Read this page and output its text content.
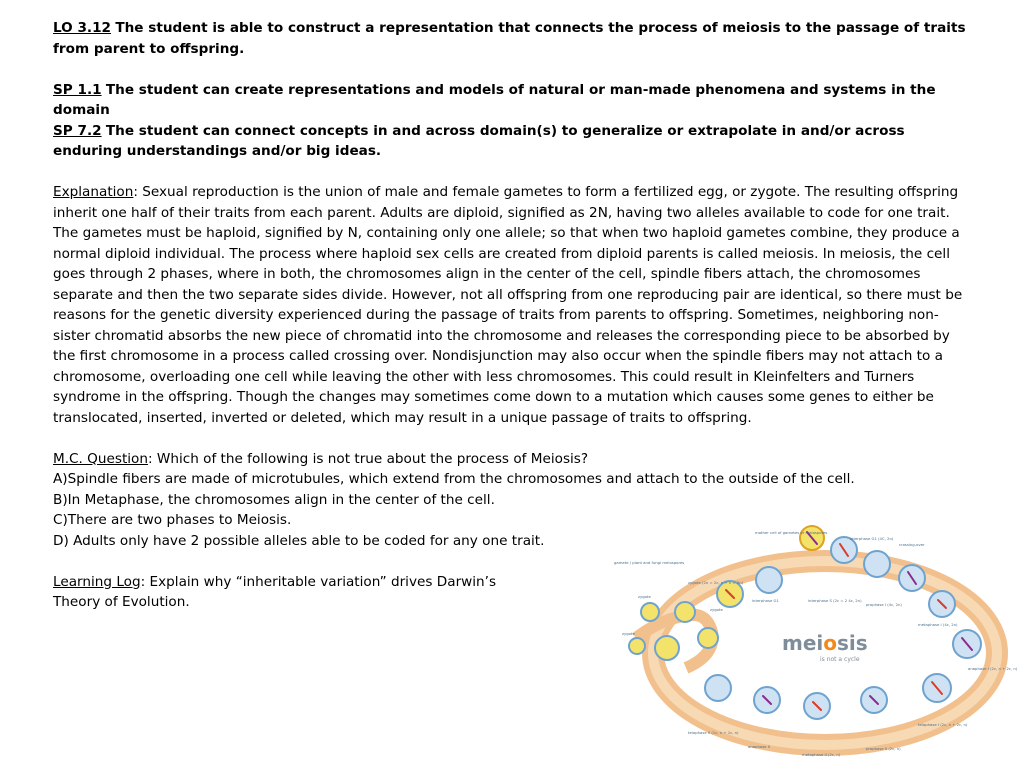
LO 3.12 The student is able to construct a representation that connects the process of meiosis to the passage of traits from parent to offspring.

SP 1.1 The student can create representations and models of natural or man-made phenomena and systems in the domain

SP 7.2 The student can connect concepts in and across domain(s) to generalize or extrapolate in and/or across enduring understandings and/or big ideas.

Explanation: Sexual reproduction is the union of male and female gametes to form a fertilized egg, or zygote. The resulting offspring inherit one half of their traits from each parent. Adults are diploid, signified as 2N, having two alleles available to code for one trait. The gametes must be haploid, signified by N, containing only one allele; so that when two haploid gametes combine, they produce a normal diploid individual. The process where haploid sex cells are created from diploid parents is called meiosis. In meiosis, the cell goes through 2 phases, where in both, the chromosomes align in the center of the cell, spindle fibers attach, the chromosomes separate and then the two separate sides divide. However, not all offspring from one reproducing pair are identical, so there must be reasons for the genetic diversity experienced during the passage of traits from parents to offspring. Sometimes, neighboring non-sister chromatid absorbs the new piece of chromatid into the chromosome and releases the corresponding piece to be absorbed by the first chromosome in a process called crossing over. Nondisjunction may also occur when the spindle fibers may not attach to a chromosome, overloading one cell while leaving the other with less chromosomes. This could result in Kleinfelters and Turners syndrome in the offspring. Though the changes may sometimes come down to a mutation which causes some genes to either be translocated, inserted, inverted or deleted, which may result in a unique passage of traits to offspring.

M.C. Question: Which of the following is not true about the process of Meiosis?

A)Spindle fibers are made of microtubules, which extend from the chromosomes and attach to the outside of the cell.

B)In Metaphase, the chromosomes align in the center of the cell.

C)There are two phases to Meiosis.

D) Adults only have 2 possible alleles able to be coded for any one trait.

Learning Log: Explain why “inheritable variation” drives Darwin’s

Theory of Evolution.

meiosis
is not a cycle
mother cell of gametes or meiospores
interphase G1 (4C, 2n)
crossing-over
gamete / plant and fungi meiospores
zygote (2n = 2c, n + n = 2n)
zygote
zygote
zygote
interphase G1	interphase S (2c = 2 4c, 2n)
prophase I (4c, 2n)
metaphase I (4c, 2n)
anaphase I (2c, n + 2c, n)
telophase I (2c, n + 2c, n)
telophase II (1c, n + 1c, n)
anaphase II
metaphase II (2c, n)
prophase II (2c, n)
